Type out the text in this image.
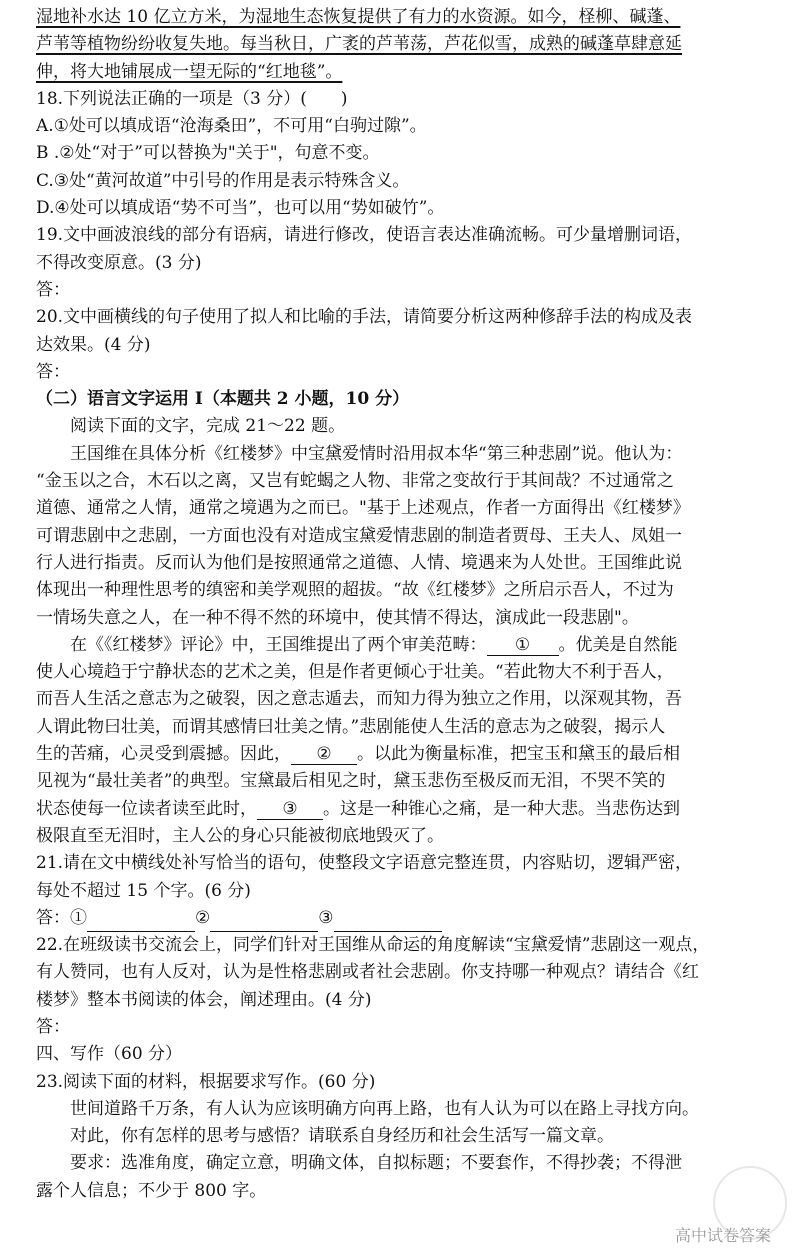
湿地补水达 10 亿立方米，为湿地生态恢复提供了有力的水资源。如今，柽柳、碱蓬、
芦苇等植物纷纷收复失地。每当秋日，广袤的芦苇荡，芦花似雪，成熟的碱蓬草肆意延
伸，将大地铺展成一望无际的“红地毯”。
18.下列说法正确的一项是（3 分）(　　)
A.①处可以填成语“沧海桑田”，不可用“白驹过隙”。
B .②处“对于”可以替换为"关于"，句意不变。
C.③处“黄河故道”中引号的作用是表示特殊含义。
D.④处可以填成语“势不可当”，也可以用“势如破竹”。
19.文中画波浪线的部分有语病，请进行修改，使语言表达准确流畅。可少量增删词语，
不得改变原意。(3 分)
答：
20.文中画横线的句子使用了拟人和比喻的手法，请简要分析这两种修辞手法的构成及表
达效果。(4 分)
答：
（二）语言文字运用 I（本题共 2 小题，10 分）
阅读下面的文字，完成 21～22 题。
王国维在具体分析《红楼梦》中宝黛爱情时沿用叔本华“第三种悲剧”说。他认为：
“金玉以之合，木石以之离，又岂有蛇蝎之人物、非常之变故行于其间哉？不过通常之
道德、通常之人情，通常之境遇为之而已。"基于上述观点，作者一方面得出《红楼梦》
可谓悲剧中之悲剧，一方面也没有对造成宝黛爱情悲剧的制造者贾母、王夫人、凤姐一
行人进行指责。反而认为他们是按照通常之道德、人情、境遇来为人处世。王国维此说
体现出一种理性思考的缜密和美学观照的超拔。“故《红楼梦》之所启示吾人，不过为
一情场失意之人，在一种不得不然的环境中，使其情不得达，演成此一段悲剧"。
在《《红楼梦》评论》中，王国维提出了两个审美范畴： ① 。优美是自然能
使人心境趋于宁静状态的艺术之美，但是作者更倾心于壮美。“若此物大不利于吾人，
而吾人生活之意志为之破裂，因之意志遁去，而知力得为独立之作用，以深观其物，吾
人谓此物曰壮美，而谓其感情曰壮美之情。”悲剧能使人生活的意志为之破裂，揭示人
生的苦痛，心灵受到震撼。因此， ② 。以此为衡量标准，把宝玉和黛玉的最后相
见视为“最壮美者”的典型。宝黛最后相见之时，黛玉悲伤至极反而无泪，不哭不笑的
状态使每一位读者读至此时， ③ 。这是一种锥心之痛，是一种大悲。当悲伤达到
极限直至无泪时，主人公的身心只能被彻底地毁灭了。
21.请在文中横线处补写恰当的语句，使整段文字语意完整连贯，内容贴切，逻辑严密，
每处不超过 15 个字。(6 分)
答：①	②	③
22.在班级读书交流会上，同学们针对王国维从命运的角度解读“宝黛爱情”悲剧这一观点，
有人赞同，也有人反对，认为是性格悲剧或者社会悲剧。你支持哪一种观点？请结合《红
楼梦》整本书阅读的体会，阐述理由。(4 分)
答：
四、写作（60 分）
23.阅读下面的材料，根据要求写作。(60 分)
世间道路千万条，有人认为应该明确方向再上路，也有人认为可以在路上寻找方向。
对此，你有怎样的思考与感悟？请联系自身经历和社会生活写一篇文章。
要求：选准角度，确定立意，明确文体，自拟标题；不要套作，不得抄袭；不得泄
露个人信息；不少于 800 字。
高中试卷答案
